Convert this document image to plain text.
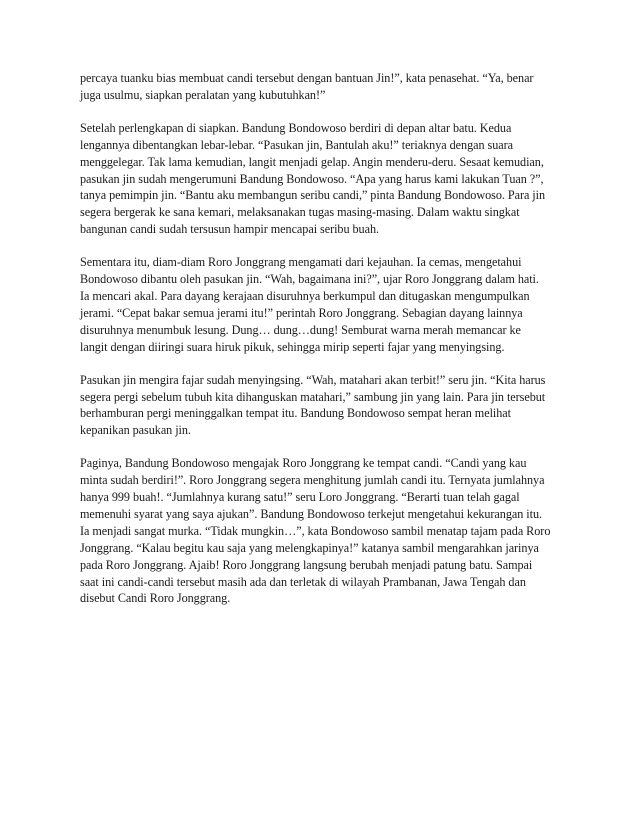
percaya tuanku bias membuat candi tersebut dengan bantuan Jin!”, kata penasehat. “Ya, benar
juga usulmu, siapkan peralatan yang kubutuhkan!”

Setelah perlengkapan di siapkan. Bandung Bondowoso berdiri di depan altar batu. Kedua
lengannya dibentangkan lebar-lebar. “Pasukan jin, Bantulah aku!” teriaknya dengan suara
menggelegar. Tak lama kemudian, langit menjadi gelap. Angin menderu-deru. Sesaat kemudian,
pasukan jin sudah mengerumuni Bandung Bondowoso. “Apa yang harus kami lakukan Tuan ?”,
tanya pemimpin jin. “Bantu aku membangun seribu candi,” pinta Bandung Bondowoso. Para jin
segera bergerak ke sana kemari, melaksanakan tugas masing-masing. Dalam waktu singkat
bangunan candi sudah tersusun hampir mencapai seribu buah.

Sementara itu, diam-diam Roro Jonggrang mengamati dari kejauhan. Ia cemas, mengetahui
Bondowoso dibantu oleh pasukan jin. “Wah, bagaimana ini?”, ujar Roro Jonggrang dalam hati.
Ia mencari akal. Para dayang kerajaan disuruhnya berkumpul dan ditugaskan mengumpulkan
jerami. “Cepat bakar semua jerami itu!” perintah Roro Jonggrang. Sebagian dayang lainnya
disuruhnya menumbuk lesung. Dung… dung…dung! Semburat warna merah memancar ke
langit dengan diiringi suara hiruk pikuk, sehingga mirip seperti fajar yang menyingsing.

Pasukan jin mengira fajar sudah menyingsing. “Wah, matahari akan terbit!” seru jin. “Kita harus
segera pergi sebelum tubuh kita dihanguskan matahari,” sambung jin yang lain. Para jin tersebut
berhamburan pergi meninggalkan tempat itu. Bandung Bondowoso sempat heran melihat
kepanikan pasukan jin.

Paginya, Bandung Bondowoso mengajak Roro Jonggrang ke tempat candi. “Candi yang kau
minta sudah berdiri!”. Roro Jonggrang segera menghitung jumlah candi itu. Ternyata jumlahnya
hanya 999 buah!. “Jumlahnya kurang satu!” seru Loro Jonggrang. “Berarti tuan telah gagal
memenuhi syarat yang saya ajukan”. Bandung Bondowoso terkejut mengetahui kekurangan itu.
Ia menjadi sangat murka. “Tidak mungkin…”, kata Bondowoso sambil menatap tajam pada Roro
Jonggrang. “Kalau begitu kau saja yang melengkapinya!” katanya sambil mengarahkan jarinya
pada Roro Jonggrang. Ajaib! Roro Jonggrang langsung berubah menjadi patung batu. Sampai
saat ini candi-candi tersebut masih ada dan terletak di wilayah Prambanan, Jawa Tengah dan
disebut Candi Roro Jonggrang.
